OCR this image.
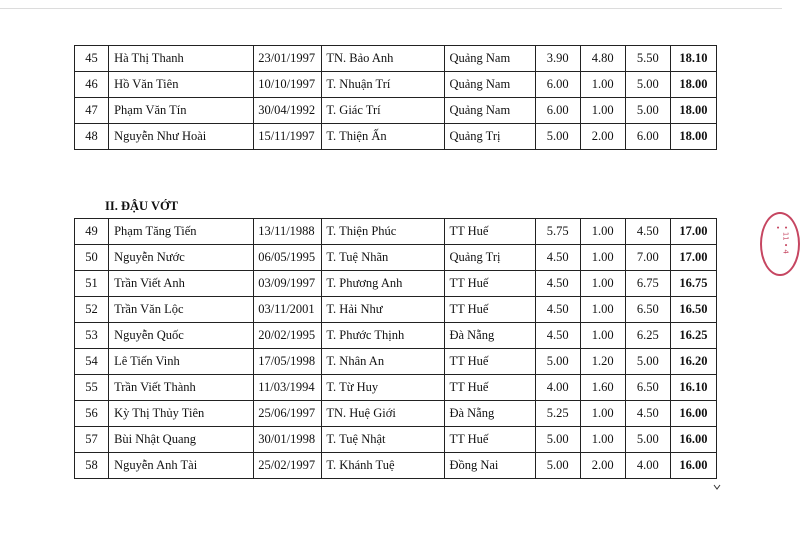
45	Hà Thị Thanh	23/01/1997	TN. Bảo Anh	Quảng Nam	3.90	4.80	5.50	18.10
46	Hồ Văn Tiên	10/10/1997	T. Nhuận Trí	Quảng Nam	6.00	1.00	5.00	18.00
47	Phạm Văn Tín	30/04/1992	T. Giác Trí	Quảng Nam	6.00	1.00	5.00	18.00
48	Nguyễn Như Hoài	15/11/1997	T. Thiện Ấn	Quảng Trị	5.00	2.00	6.00	18.00

II. ĐẬU VỚT

49	Phạm Tăng Tiến	13/11/1988	T. Thiện Phúc	TT Huế	5.75	1.00	4.50	17.00
50	Nguyễn Nước	06/05/1995	T. Tuệ Nhãn	Quảng Trị	4.50	1.00	7.00	17.00
51	Trần Viết Anh	03/09/1997	T. Phương Anh	TT Huế	4.50	1.00	6.75	16.75
52	Trần Văn Lộc	03/11/2001	T. Hải Như	TT Huế	4.50	1.00	6.50	16.50
53	Nguyễn Quốc	20/02/1995	T. Phước Thịnh	Đà Nẵng	4.50	1.00	6.25	16.25
54	Lê Tiến Vinh	17/05/1998	T. Nhân An	TT Huế	5.00	1.20	5.00	16.20
55	Trần Viết Thành	11/03/1994	T. Từ Huy	TT Huế	4.00	1.60	6.50	16.10
56	Kỳ Thị Thủy Tiên	25/06/1997	TN. Huệ Giới	Đà Nẵng	5.25	1.00	4.50	16.00
57	Bùi Nhật Quang	30/01/1998	T. Tuệ Nhật	TT Huế	5.00	1.00	5.00	16.00
58	Nguyễn Anh Tài	25/02/1997	T. Khánh Tuệ	Đồng Nai	5.00	2.00	4.00	16.00
• 11 • 4 •
